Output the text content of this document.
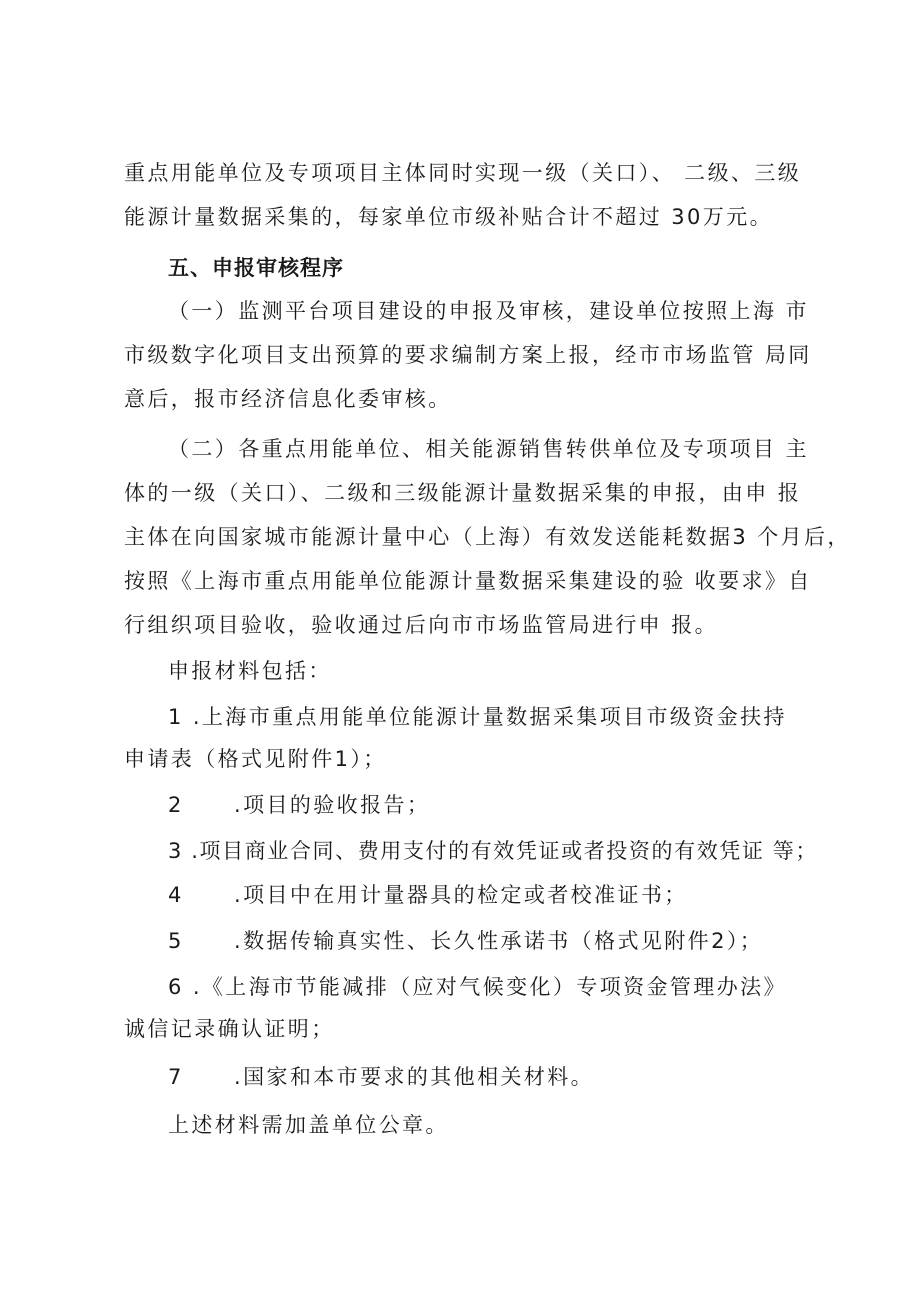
重点用能单位及专项项目主体同时实现一级（关口）、 二级、三级

能源计量数据采集的，每家单位市级补贴合计不超过 30万元。

五、申报审核程序

（一）监测平台项目建设的申报及审核，建设单位按照上海 市

市级数字化项目支出预算的要求编制方案上报，经市市场监管 局同

意后，报市经济信息化委审核。

（二）各重点用能单位、相关能源销售转供单位及专项项目 主

体的一级（关口）、二级和三级能源计量数据采集的申报，由申 报

主体在向国家城市能源计量中心（上海）有效发送能耗数据3 个月后，

按照《上海市重点用能单位能源计量数据采集建设的验 收要求》自

行组织项目验收，验收通过后向市市场监管局进行申 报。

申报材料包括：

1 .上海市重点用能单位能源计量数据采集项目市级资金扶持

申请表（格式见附件1）；

2 .项目的验收报告；

3 .项目商业合同、费用支付的有效凭证或者投资的有效凭证 等；

4 .项目中在用计量器具的检定或者校准证书；

5 .数据传输真实性、长久性承诺书（格式见附件2）；

6 .《上海市节能减排（应对气候变化）专项资金管理办法》

诚信记录确认证明；

7 .国家和本市要求的其他相关材料。

上述材料需加盖单位公章。
